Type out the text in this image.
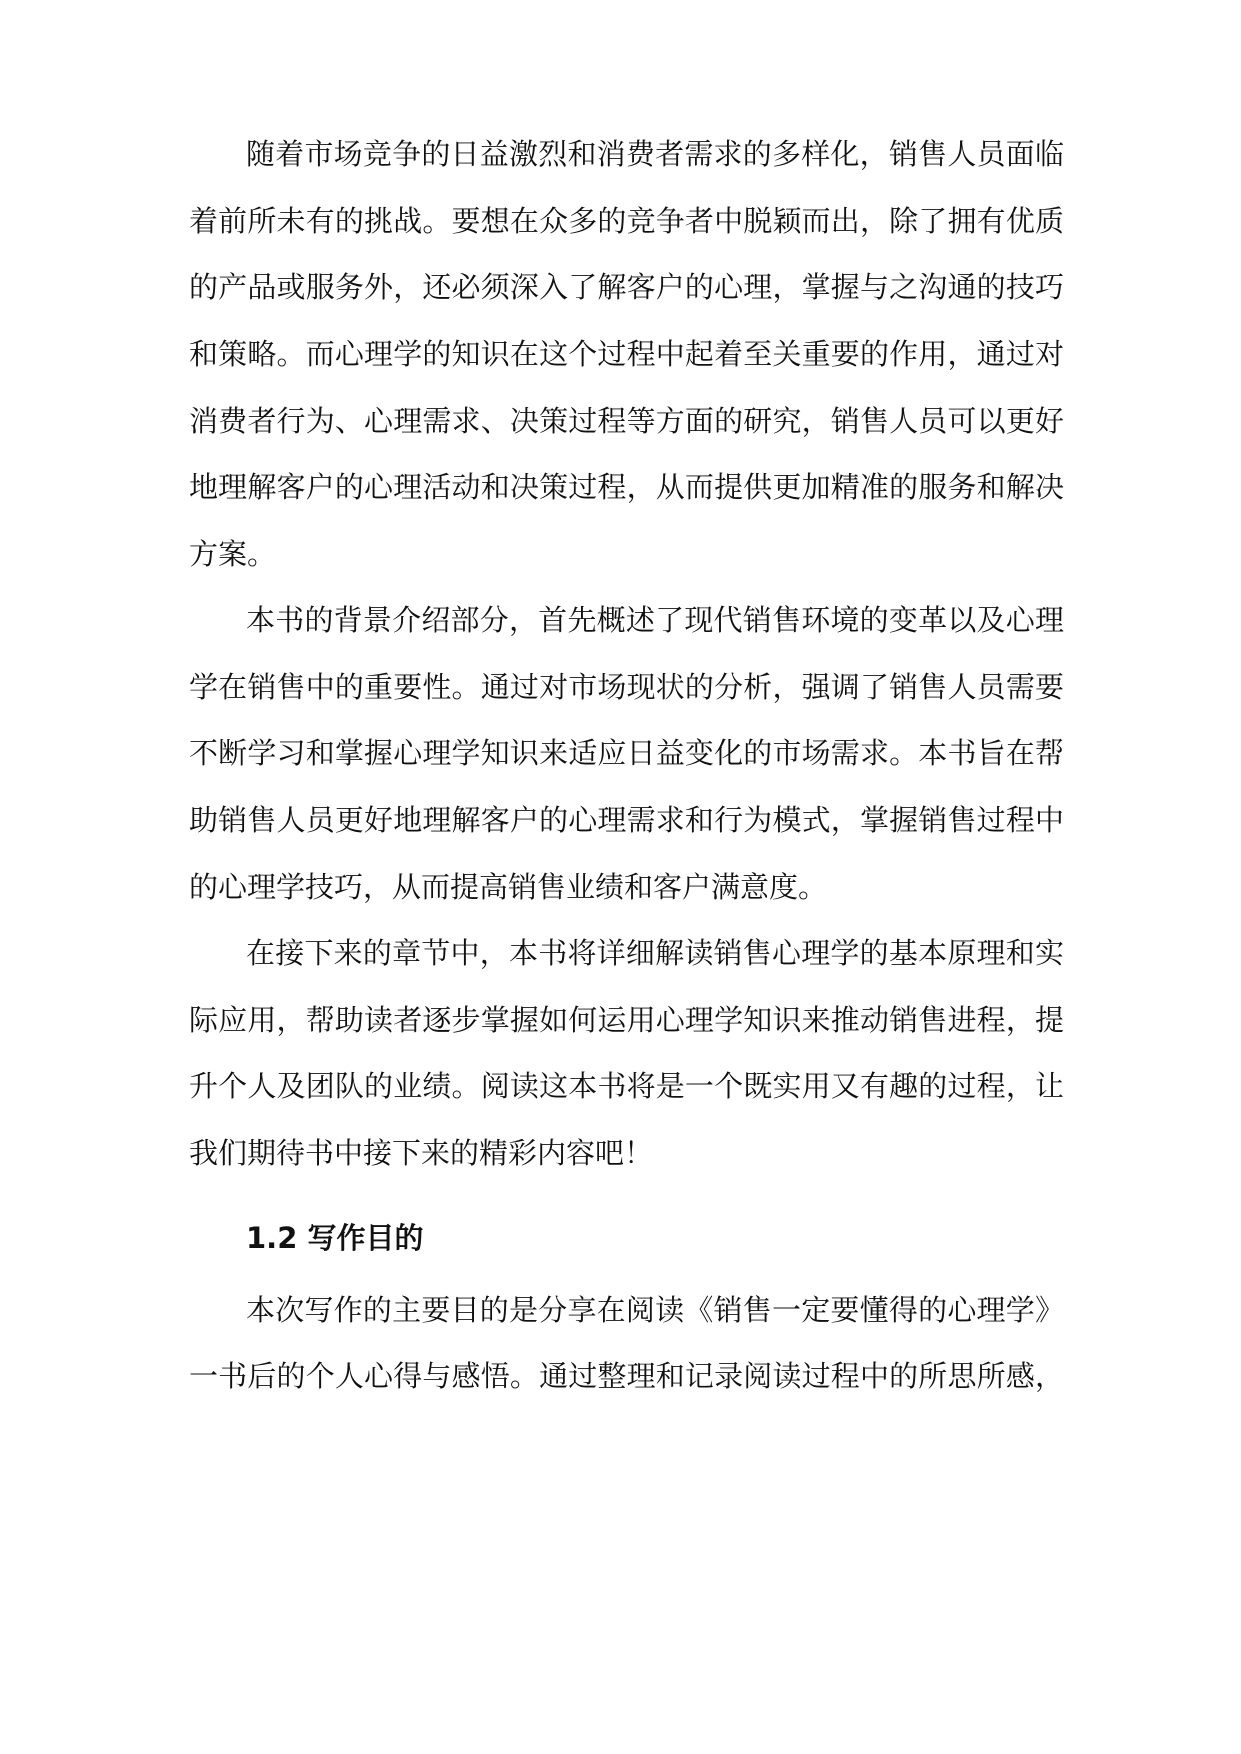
随着市场竞争的日益激烈和消费者需求的多样化，销售人员面临
着前所未有的挑战。要想在众多的竞争者中脱颖而出，除了拥有优质
的产品或服务外，还必须深入了解客户的心理，掌握与之沟通的技巧
和策略。而心理学的知识在这个过程中起着至关重要的作用，通过对
消费者行为、心理需求、决策过程等方面的研究，销售人员可以更好
地理解客户的心理活动和决策过程，从而提供更加精准的服务和解决
方案。
本书的背景介绍部分，首先概述了现代销售环境的变革以及心理
学在销售中的重要性。通过对市场现状的分析，强调了销售人员需要
不断学习和掌握心理学知识来适应日益变化的市场需求。本书旨在帮
助销售人员更好地理解客户的心理需求和行为模式，掌握销售过程中
的心理学技巧，从而提高销售业绩和客户满意度。
在接下来的章节中，本书将详细解读销售心理学的基本原理和实
际应用，帮助读者逐步掌握如何运用心理学知识来推动销售进程，提
升个人及团队的业绩。阅读这本书将是一个既实用又有趣的过程，让
我们期待书中接下来的精彩内容吧！
1.2 写作目的
本次写作的主要目的是分享在阅读《销售一定要懂得的心理学》
一书后的个人心得与感悟。通过整理和记录阅读过程中的所思所感，
